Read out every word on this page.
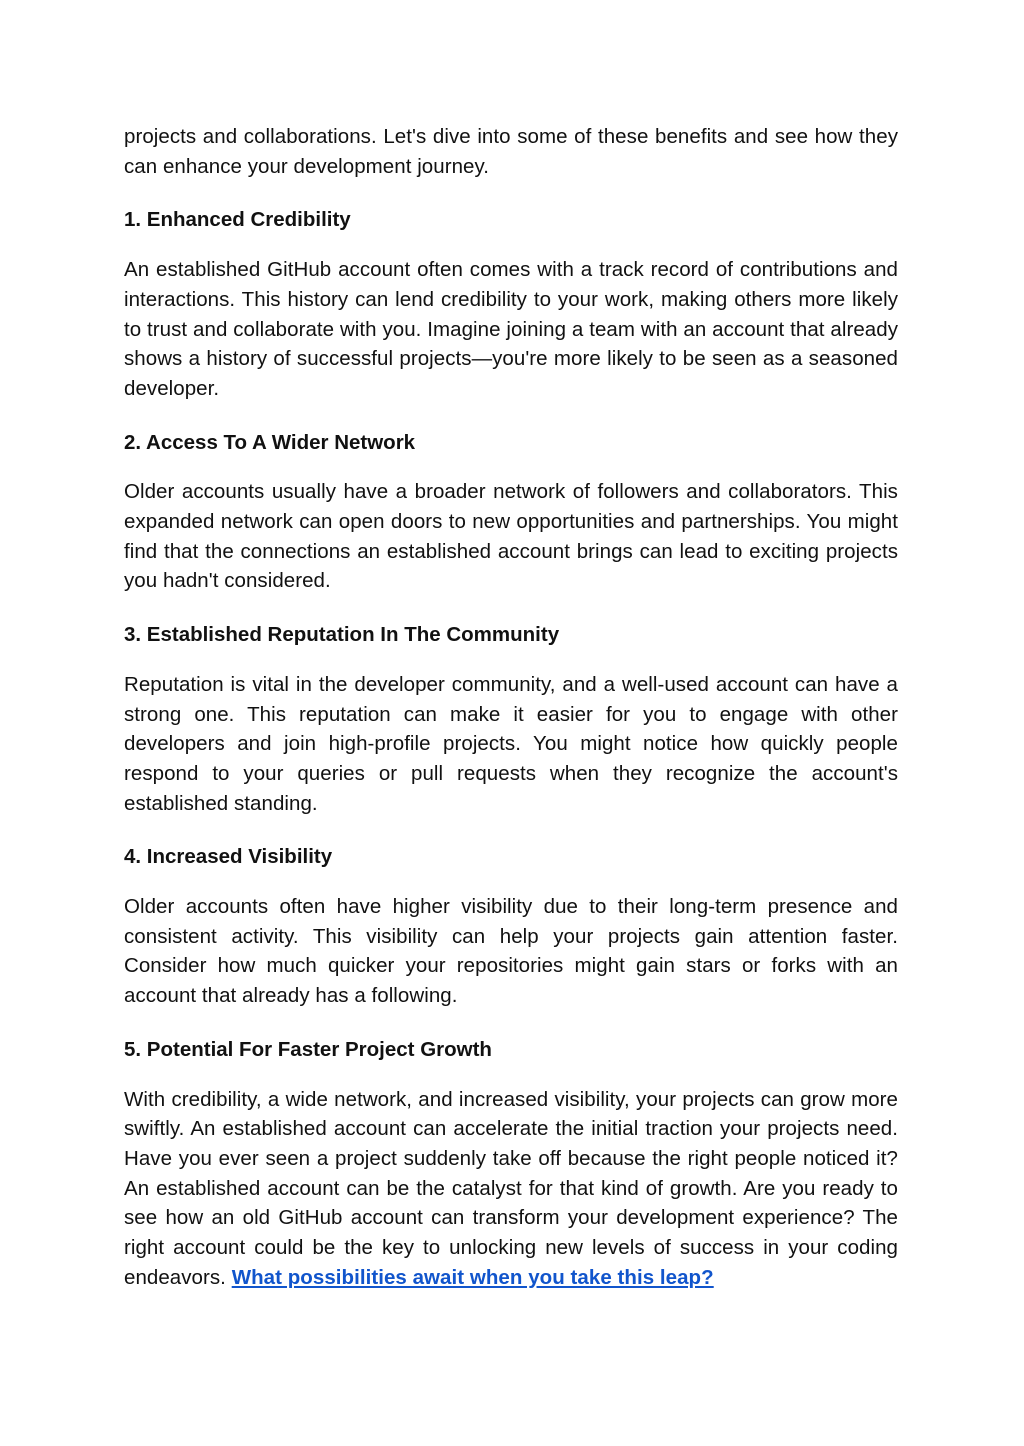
projects and collaborations. Let's dive into some of these benefits and see how they can enhance your development journey.

1. Enhanced Credibility

An established GitHub account often comes with a track record of contributions and interactions. This history can lend credibility to your work, making others more likely to trust and collaborate with you. Imagine joining a team with an account that already shows a history of successful projects—you're more likely to be seen as a seasoned developer.

2. Access To A Wider Network

Older accounts usually have a broader network of followers and collaborators. This expanded network can open doors to new opportunities and partnerships. You might find that the connections an established account brings can lead to exciting projects you hadn't considered.

3. Established Reputation In The Community

Reputation is vital in the developer community, and a well-used account can have a strong one. This reputation can make it easier for you to engage with other developers and join high-profile projects. You might notice how quickly people respond to your queries or pull requests when they recognize the account's established standing.

4. Increased Visibility

Older accounts often have higher visibility due to their long-term presence and consistent activity. This visibility can help your projects gain attention faster. Consider how much quicker your repositories might gain stars or forks with an account that already has a following.

5. Potential For Faster Project Growth

With credibility, a wide network, and increased visibility, your projects can grow more swiftly. An established account can accelerate the initial traction your projects need. Have you ever seen a project suddenly take off because the right people noticed it? An established account can be the catalyst for that kind of growth. Are you ready to see how an old GitHub account can transform your development experience? The right account could be the key to unlocking new levels of success in your coding endeavors. What possibilities await when you take this leap?
